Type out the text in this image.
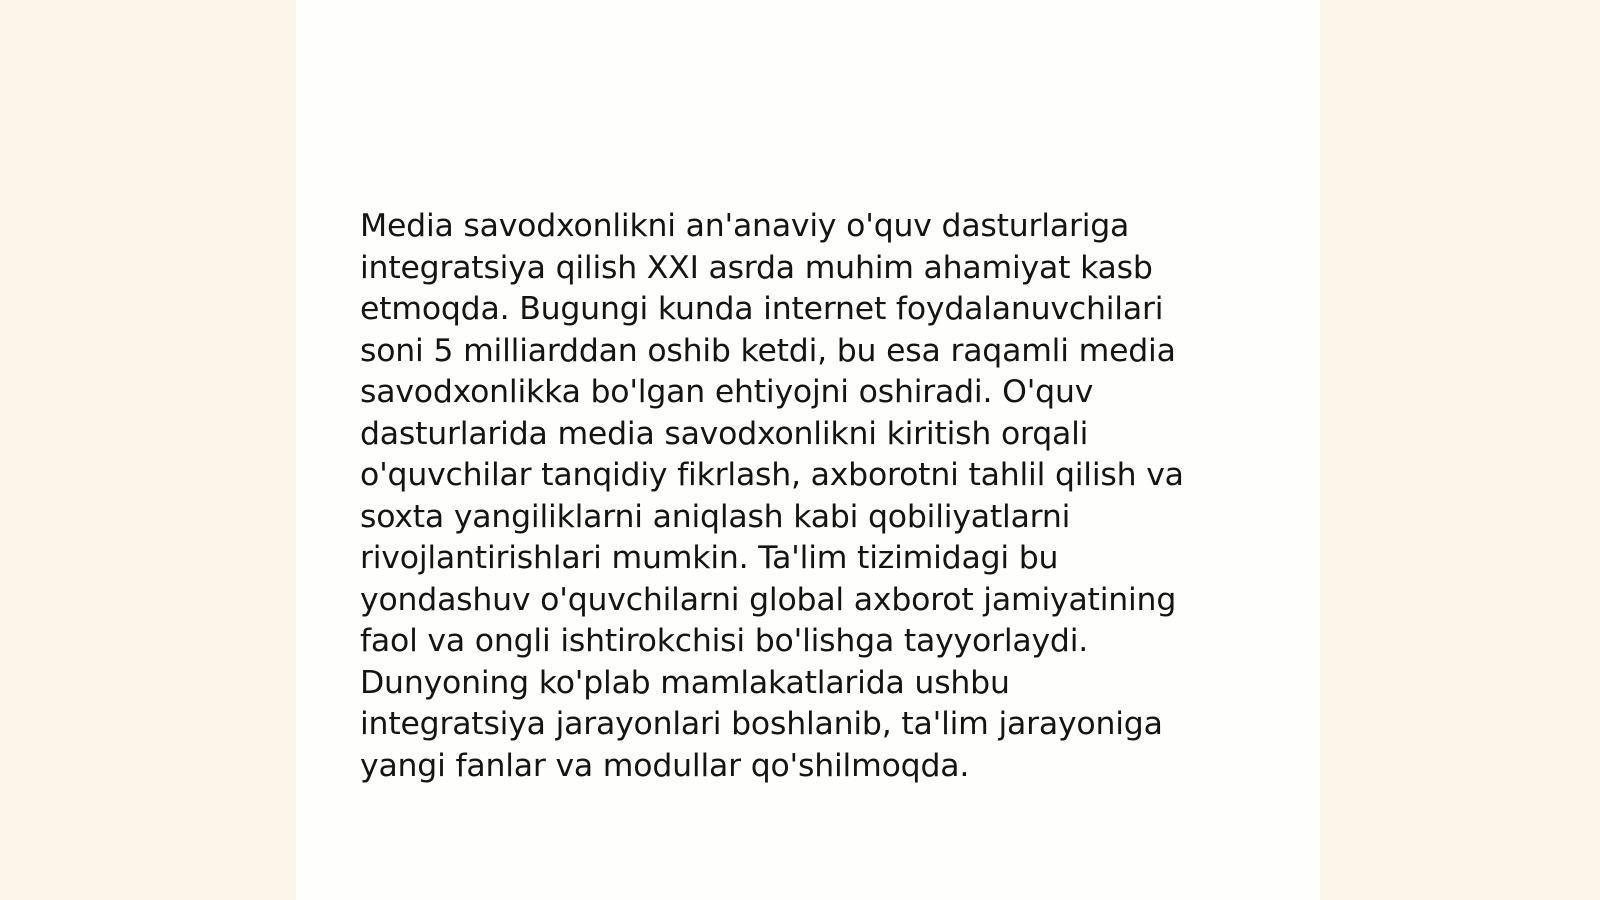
Media savodxonlikni an'anaviy o'quv dasturlariga
integratsiya qilish XXI asrda muhim ahamiyat kasb
etmoqda. Bugungi kunda internet foydalanuvchilari
soni 5 milliarddan oshib ketdi, bu esa raqamli media
savodxonlikka bo'lgan ehtiyojni oshiradi. O'quv
dasturlarida media savodxonlikni kiritish orqali
o'quvchilar tanqidiy fikrlash, axborotni tahlil qilish va
soxta yangiliklarni aniqlash kabi qobiliyatlarni
rivojlantirishlari mumkin. Ta'lim tizimidagi bu
yondashuv o'quvchilarni global axborot jamiyatining
faol va ongli ishtirokchisi bo'lishga tayyorlaydi.
Dunyoning ko'plab mamlakatlarida ushbu
integratsiya jarayonlari boshlanib, ta'lim jarayoniga
yangi fanlar va modullar qo'shilmoqda.
